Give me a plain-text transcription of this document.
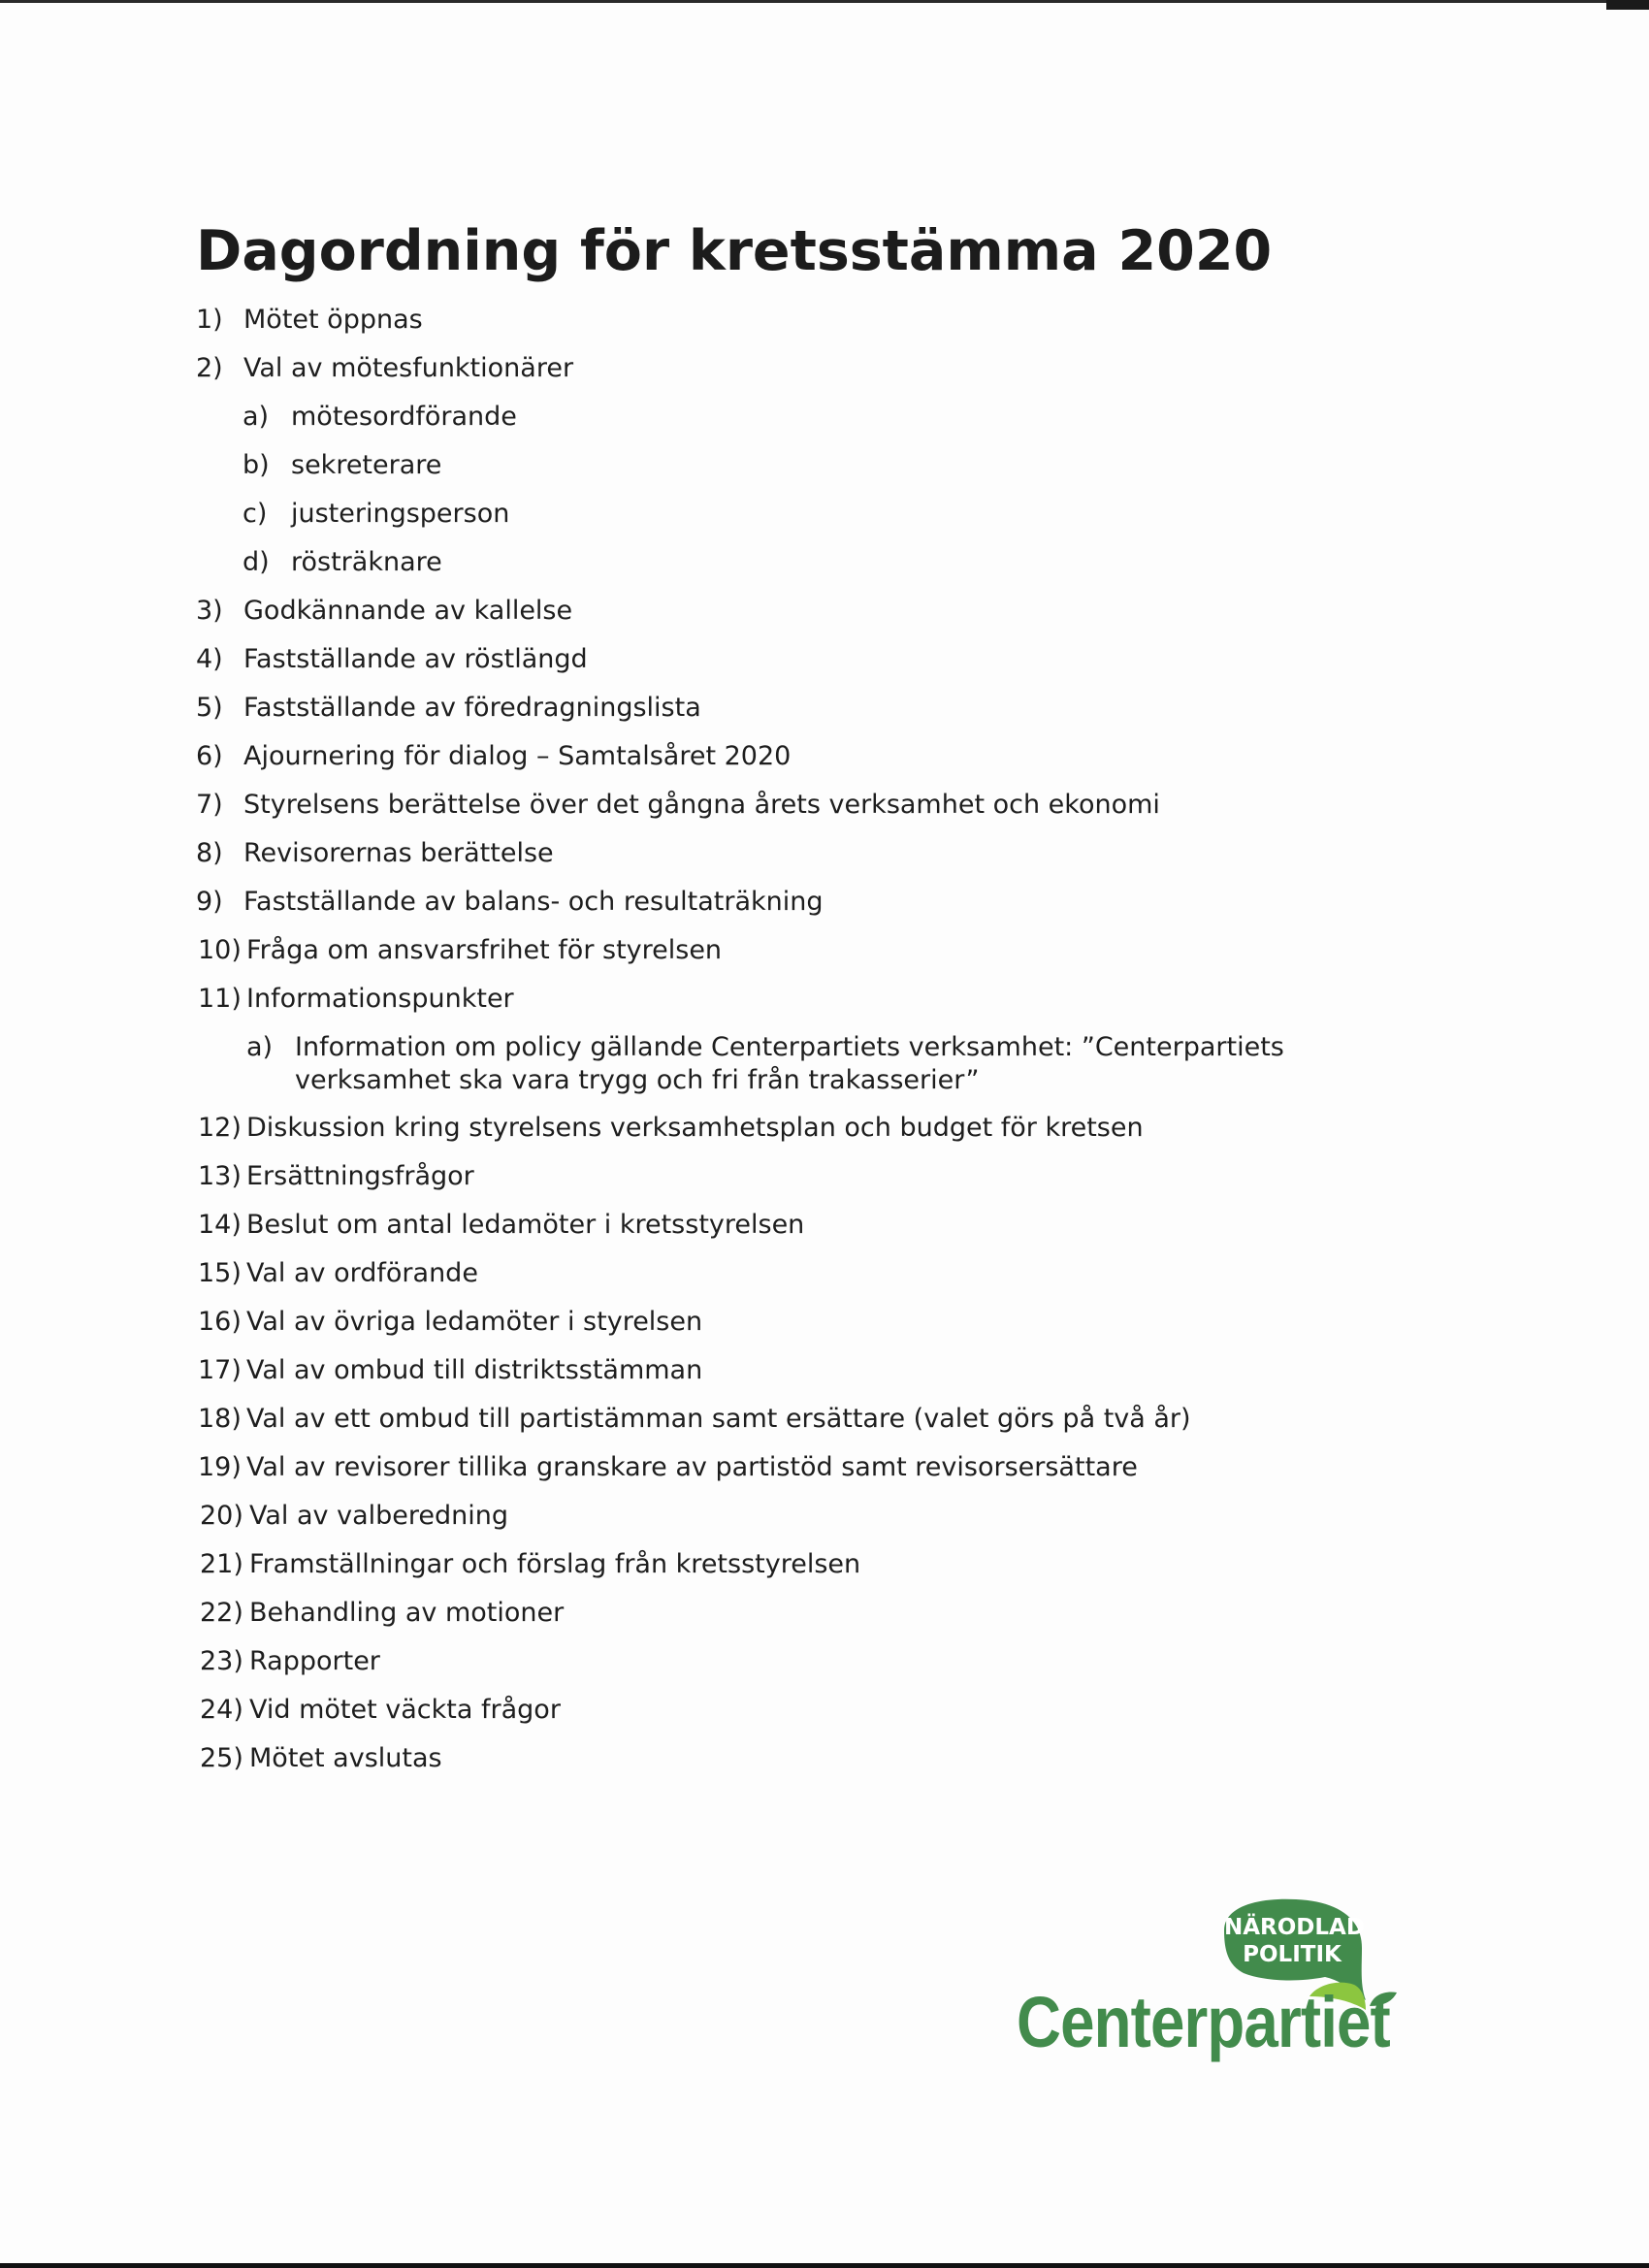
Dagordning för kretsstämma 2020
1) Mötet öppnas
2) Val av mötesfunktionärer
a) mötesordförande
b) sekreterare
c) justeringsperson
d) rösträknare
3) Godkännande av kallelse
4) Fastställande av röstlängd
5) Fastställande av föredragningslista
6) Ajournering för dialog – Samtalsåret 2020
7) Styrelsens berättelse över det gångna årets verksamhet och ekonomi
8) Revisorernas berättelse
9) Fastställande av balans- och resultaträkning
10) Fråga om ansvarsfrihet för styrelsen
11) Informationspunkter
a) Information om policy gällande Centerpartiets verksamhet: ”Centerpartiets
verksamhet ska vara trygg och fri från trakasserier”
12) Diskussion kring styrelsens verksamhetsplan och budget för kretsen
13) Ersättningsfrågor
14) Beslut om antal ledamöter i kretsstyrelsen
15) Val av ordförande
16) Val av övriga ledamöter i styrelsen
17) Val av ombud till distriktsstämman
18) Val av ett ombud till partistämman samt ersättare (valet görs på två år)
19) Val av revisorer tillika granskare av partistöd samt revisorsersättare
20) Val av valberedning
21) Framställningar och förslag från kretsstyrelsen
22) Behandling av motioner
23) Rapporter
24) Vid mötet väckta frågor
25) Mötet avslutas
NÄRODLAD
POLITIK
Centerpartiet
